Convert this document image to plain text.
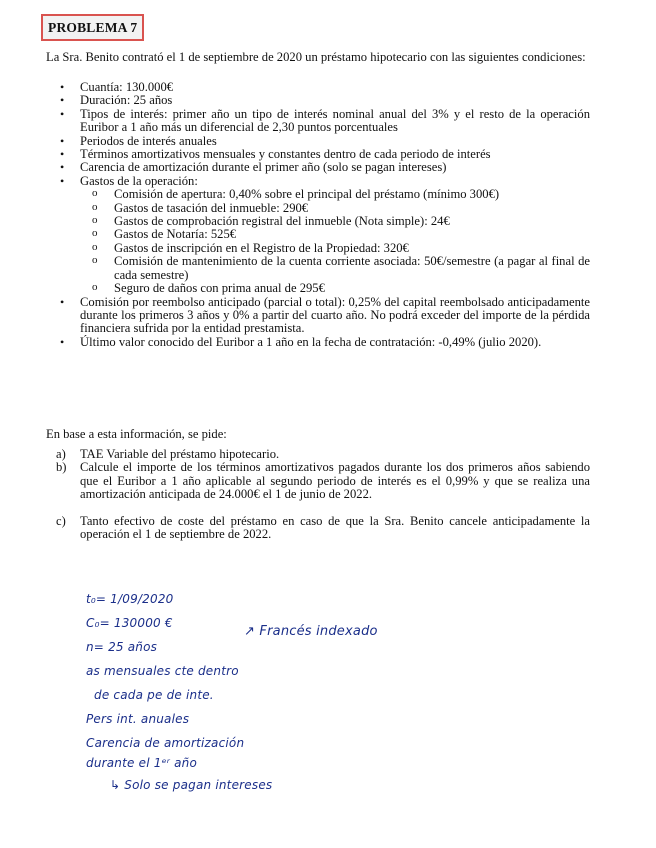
PROBLEMA 7
La Sra. Benito contrató el 1 de septiembre de 2020 un préstamo hipotecario con las siguientes condiciones:
• Cuantía: 130.000€
• Duración: 25 años
• Tipos de interés: primer año un tipo de interés nominal anual del 3% y el resto de la operación Euribor a 1 año más un diferencial de 2,30 puntos porcentuales
• Periodos de interés anuales
• Términos amortizativos mensuales y constantes dentro de cada periodo de interés
• Carencia de amortización durante el primer año (solo se pagan intereses)
• Gastos de la operación:
o Comisión de apertura: 0,40% sobre el principal del préstamo (mínimo 300€)
o Gastos de tasación del inmueble: 290€
o Gastos de comprobación registral del inmueble (Nota simple): 24€
o Gastos de Notaría: 525€
o Gastos de inscripción en el Registro de la Propiedad: 320€
o Comisión de mantenimiento de la cuenta corriente asociada: 50€/semestre (a pagar al final de cada semestre)
o Seguro de daños con prima anual de 295€
• Comisión por reembolso anticipado (parcial o total): 0,25% del capital reembolsado anticipadamente durante los primeros 3 años y 0% a partir del cuarto año. No podrá exceder del importe de la pérdida financiera sufrida por la entidad prestamista.
• Último valor conocido del Euribor a 1 año en la fecha de contratación: -0,49% (julio 2020).
En base a esta información, se pide:
a) TAE Variable del préstamo hipotecario.
b) Calcule el importe de los términos amortizativos pagados durante los dos primeros años sabiendo que el Euribor a 1 año aplicable al segundo periodo de interés es el 0,99% y que se realiza una amortización anticipada de 24.000€ el 1 de junio de 2022.
c) Tanto efectivo de coste del préstamo en caso de que la Sra. Benito cancele anticipadamente la operación el 1 de septiembre de 2022.
t₀= 1/09/2020
C₀= 130000 €
↗ Francés indexado
n= 25 años
as mensuales cte dentro
de cada pe de inte.
Pers int. anuales
Carencia de amortización
durante el 1ᵉʳ año
↳ Solo se pagan intereses
